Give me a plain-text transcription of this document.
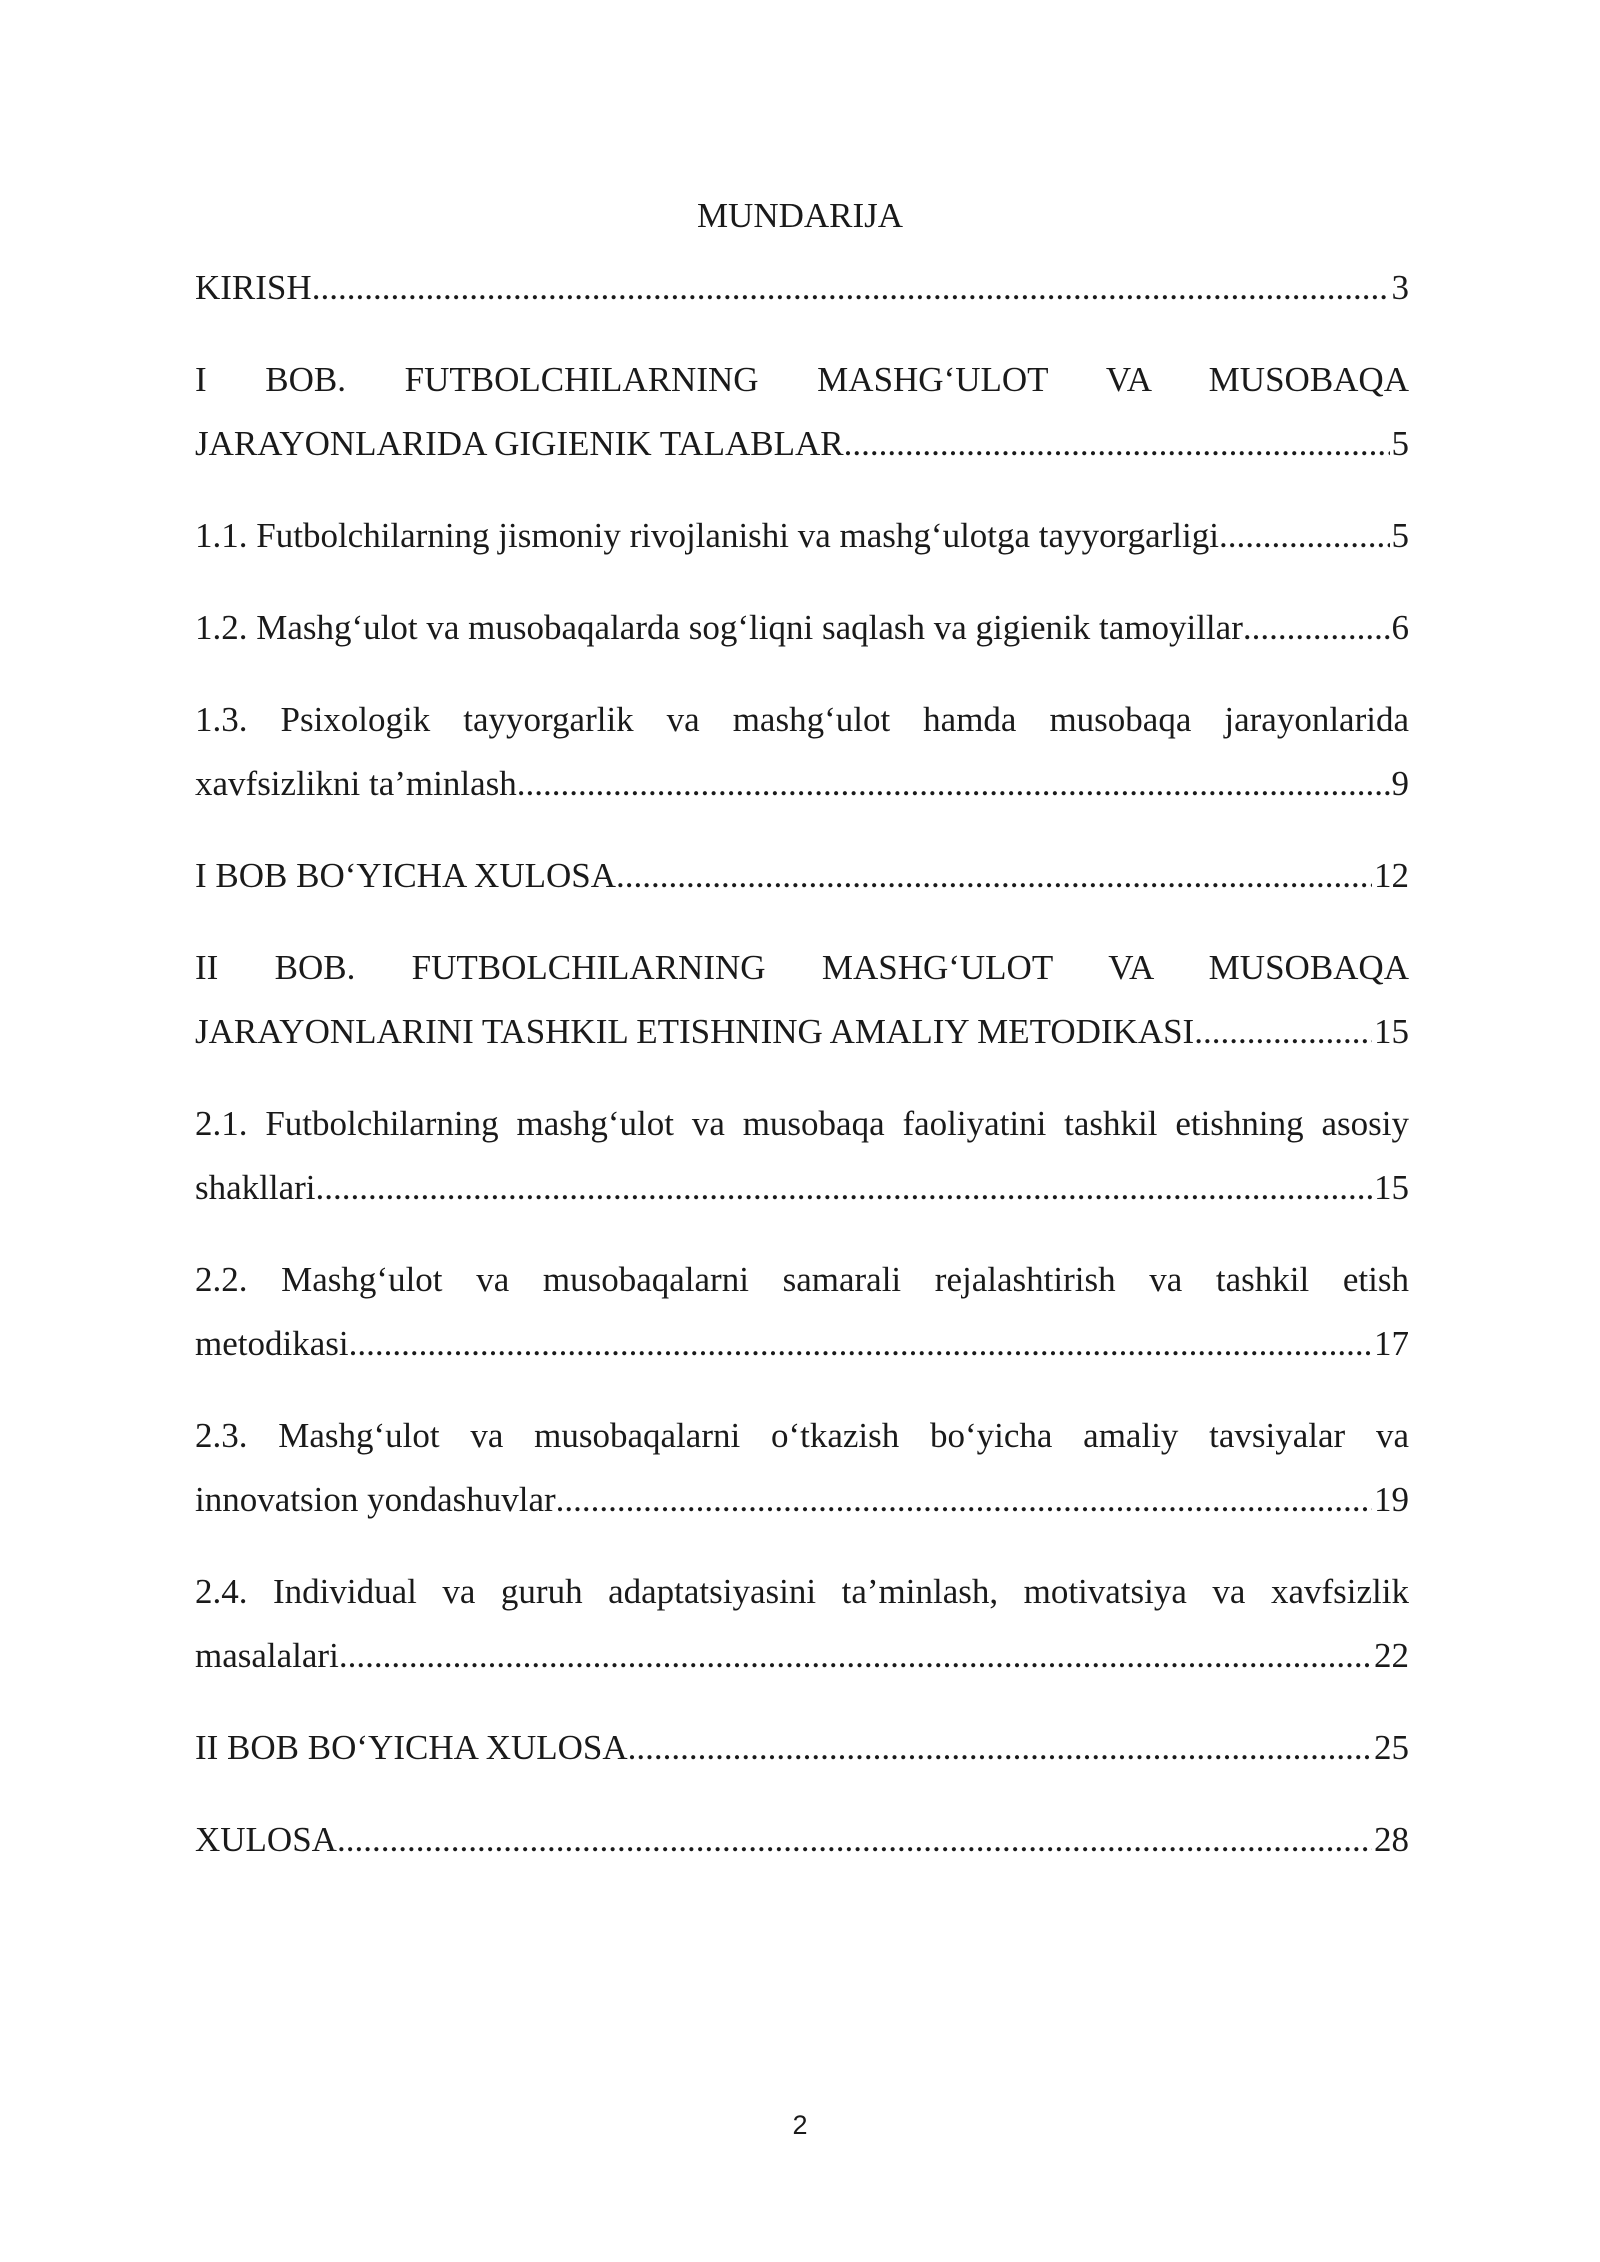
MUNDARIJA
KIRISH .....	3
I BOB. FUTBOLCHILARNING MASHG‘ULOT VA MUSOBAQA
JARAYONLARIDA GIGIENIK TALABLAR .....	5
1.1. Futbolchilarning jismoniy rivojlanishi va mashg‘ulotga tayyorgarligi .....	5
1.2. Mashg‘ulot va musobaqalarda sog‘liqni saqlash va gigienik tamoyillar .....	6
1.3. Psixologik tayyorgarlik va mashg‘ulot hamda musobaqa jarayonlarida
xavfsizlikni ta’minlash .....	9
I BOB BO‘YICHA XULOSA .....	12
II BOB. FUTBOLCHILARNING MASHG‘ULOT VA MUSOBAQA
JARAYONLARINI TASHKIL ETISHNING AMALIY METODIKASI .....	15
2.1. Futbolchilarning mashg‘ulot va musobaqa faoliyatini tashkil etishning asosiy
shakllari .....	15
2.2. Mashg‘ulot va musobaqalarni samarali rejalashtirish va tashkil etish
metodikasi .....	17
2.3. Mashg‘ulot va musobaqalarni o‘tkazish bo‘yicha amaliy tavsiyalar va
innovatsion yondashuvlar .....	19
2.4. Individual va guruh adaptatsiyasini ta’minlash, motivatsiya va xavfsizlik
masalalari .....	22
II BOB BO‘YICHA XULOSA .....	25
XULOSA .....	28
2
